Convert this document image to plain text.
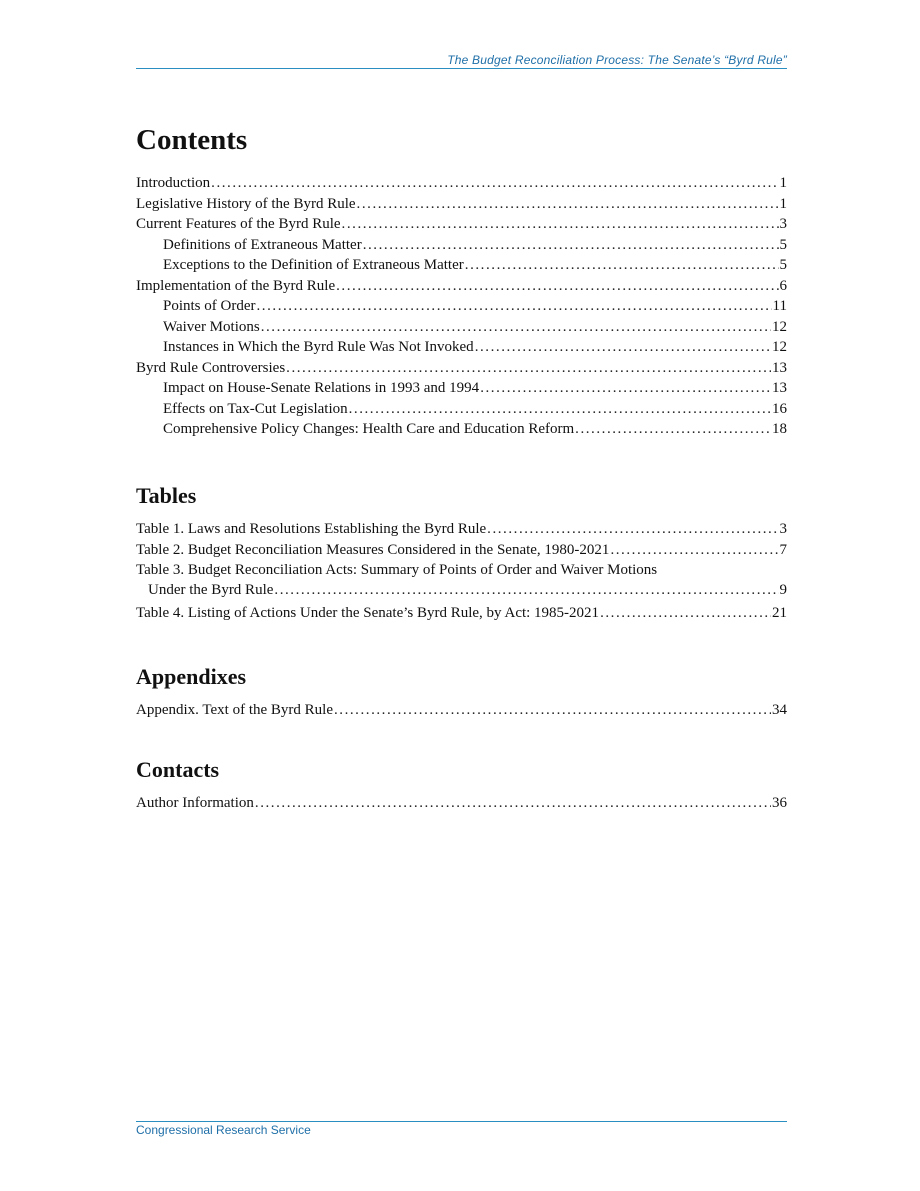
The Budget Reconciliation Process: The Senate’s “Byrd Rule”
Contents
Introduction . . .	1
Legislative History of the Byrd Rule . . .	1
Current Features of the Byrd Rule . . .	3
Definitions of Extraneous Matter . . .	5
Exceptions to the Definition of Extraneous Matter . . .	5
Implementation of the Byrd Rule . . .	6
Points of Order . . .	11
Waiver Motions . . .	12
Instances in Which the Byrd Rule Was Not Invoked . . .	12
Byrd Rule Controversies . . .	13
Impact on House-Senate Relations in 1993 and 1994 . . .	13
Effects on Tax-Cut Legislation . . .	16
Comprehensive Policy Changes: Health Care and Education Reform . . .	18
Tables
Table 1. Laws and Resolutions Establishing the Byrd Rule . . .	3
Table 2. Budget Reconciliation Measures Considered in the Senate, 1980-2021 . . .	7
Table 3. Budget Reconciliation Acts: Summary of Points of Order and Waiver Motions
Under the Byrd Rule . . .	9
Table 4. Listing of Actions Under the Senate’s Byrd Rule, by Act: 1985-2021 . . .	21
Appendixes
Appendix. Text of the Byrd Rule . . .	34
Contacts
Author Information . . .	36
Congressional Research Service
